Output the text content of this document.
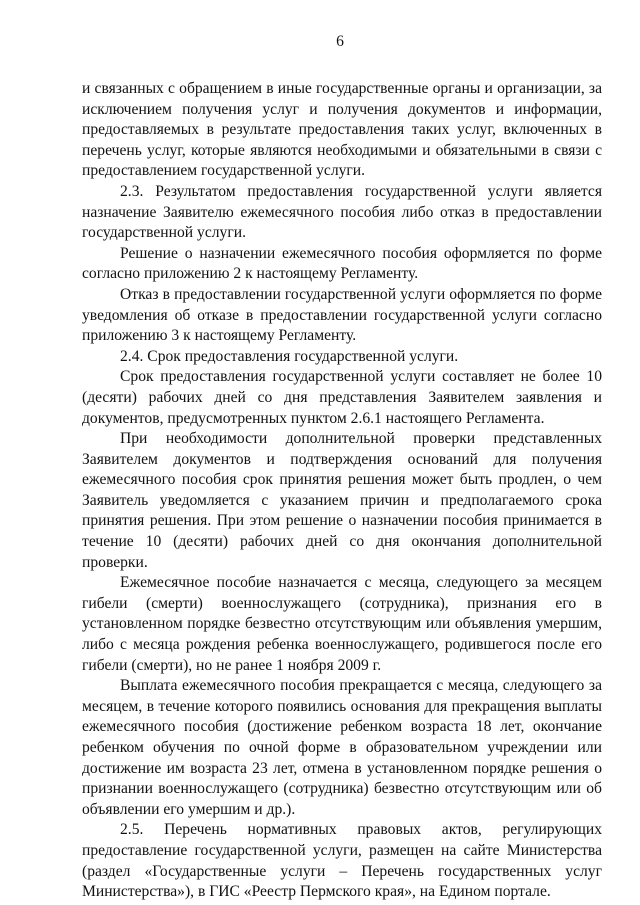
6

и связанных с обращением в иные государственные органы и организации, за исключением получения услуг и получения документов и информации, предоставляемых в результате предоставления таких услуг, включенных в перечень услуг, которые являются необходимыми и обязательными в связи с предоставлением государственной услуги.

2.3. Результатом предоставления государственной услуги является назначение Заявителю ежемесячного пособия либо отказ в предоставлении государственной услуги.

Решение о назначении ежемесячного пособия оформляется по форме согласно приложению 2 к настоящему Регламенту.

Отказ в предоставлении государственной услуги оформляется по форме уведомления об отказе в предоставлении государственной услуги согласно приложению 3 к настоящему Регламенту.

2.4. Срок предоставления государственной услуги.

Срок предоставления государственной услуги составляет не более 10 (десяти) рабочих дней со дня представления Заявителем заявления и документов, предусмотренных пунктом 2.6.1 настоящего Регламента.

При необходимости дополнительной проверки представленных Заявителем документов и подтверждения оснований для получения ежемесячного пособия срок принятия решения может быть продлен, о чем Заявитель уведомляется с указанием причин и предполагаемого срока принятия решения. При этом решение о назначении пособия принимается в течение 10 (десяти) рабочих дней со дня окончания дополнительной проверки.

Ежемесячное пособие назначается с месяца, следующего за месяцем гибели (смерти) военнослужащего (сотрудника), признания его в установленном порядке безвестно отсутствующим или объявления умершим, либо с месяца рождения ребенка военнослужащего, родившегося после его гибели (смерти), но не ранее 1 ноября 2009 г.

Выплата ежемесячного пособия прекращается с месяца, следующего за месяцем, в течение которого появились основания для прекращения выплаты ежемесячного пособия (достижение ребенком возраста 18 лет, окончание ребенком обучения по очной форме в образовательном учреждении или достижение им возраста 23 лет, отмена в установленном порядке решения о признании военнослужащего (сотрудника) безвестно отсутствующим или об объявлении его умершим и др.).

2.5. Перечень нормативных правовых актов, регулирующих предоставление государственной услуги, размещен на сайте Министерства (раздел «Государственные услуги – Перечень государственных услуг Министерства»), в ГИС «Реестр Пермского края», на Едином портале.
